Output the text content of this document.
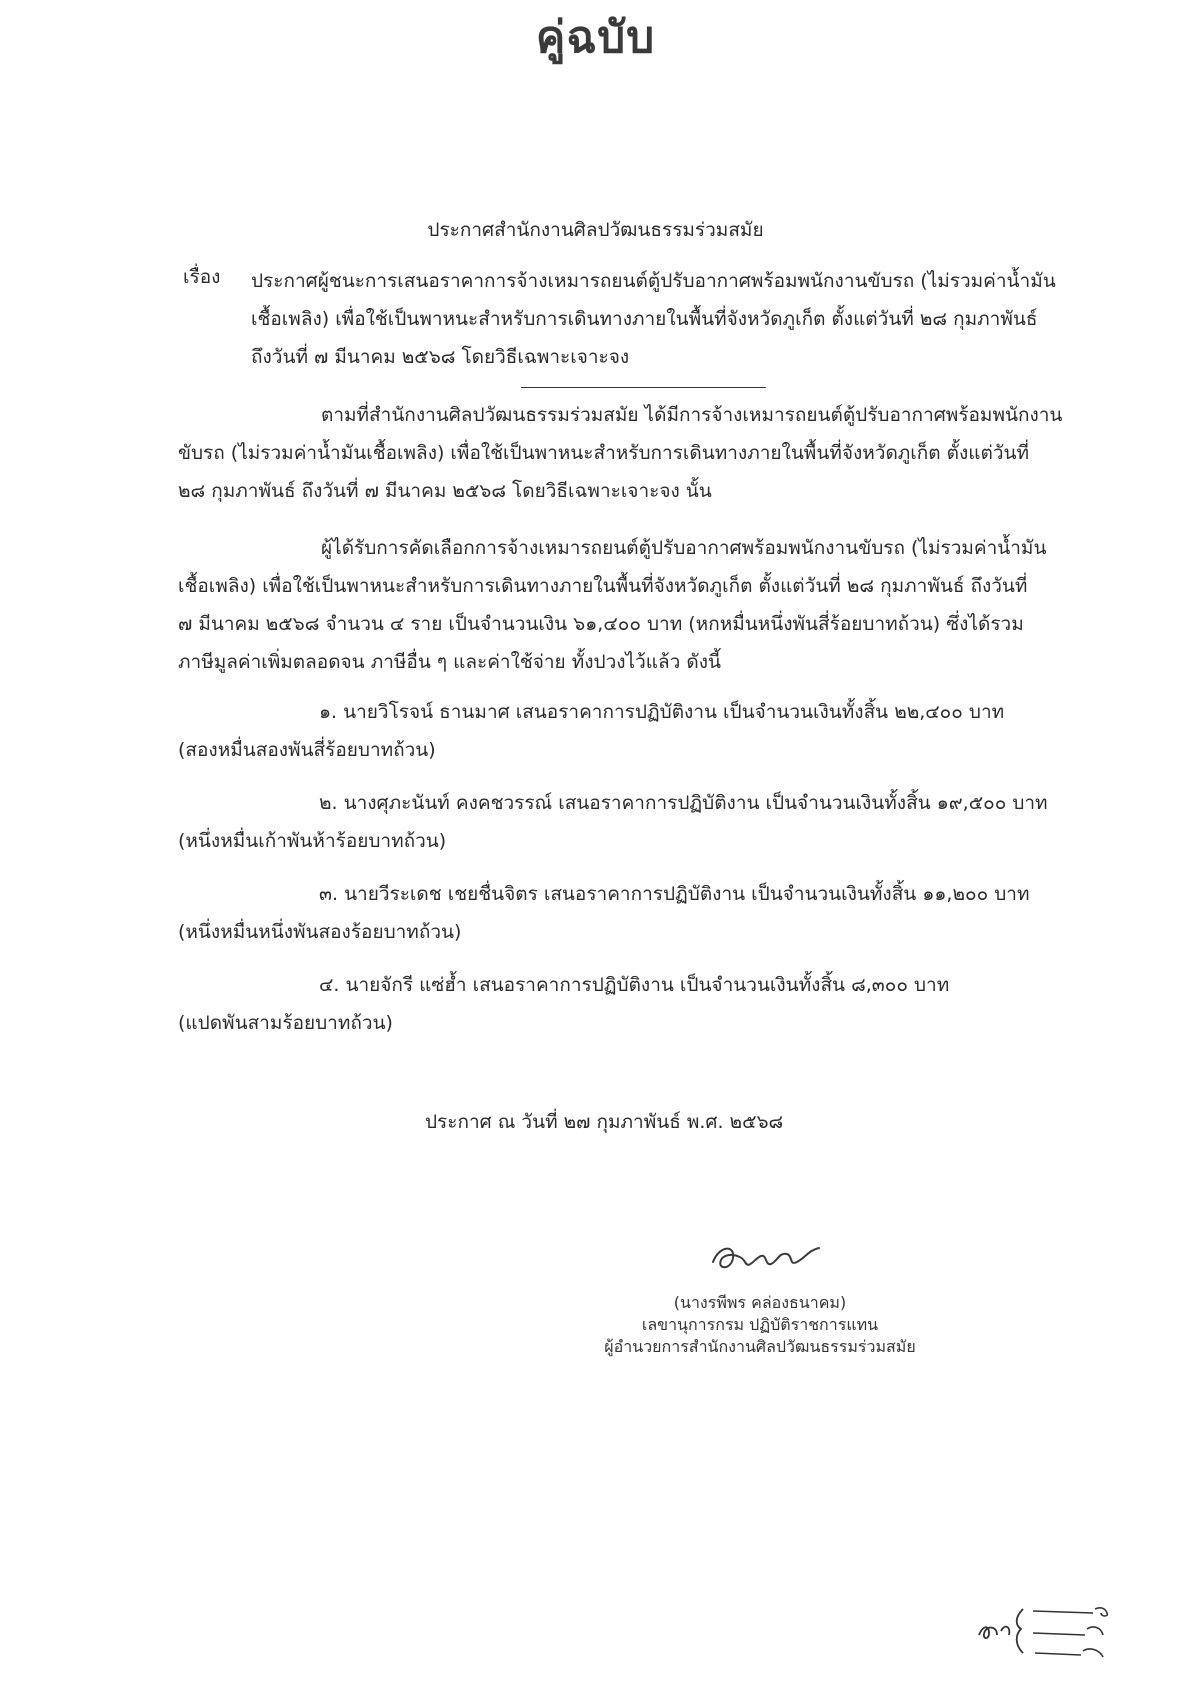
คู่ฉบับ
ประกาศสำนักงานศิลปวัฒนธรรมร่วมสมัย
เรื่อง ประกาศผู้ชนะการเสนอราคาการจ้างเหมารถยนต์ตู้ปรับอากาศพร้อมพนักงานขับรถ (ไม่รวมค่าน้ำมัน
เชื้อเพลิง) เพื่อใช้เป็นพาหนะสำหรับการเดินทางภายในพื้นที่จังหวัดภูเก็ต ตั้งแต่วันที่ ๒๘ กุมภาพันธ์
ถึงวันที่ ๗ มีนาคม ๒๕๖๘ โดยวิธีเฉพาะเจาะจง
ตามที่สำนักงานศิลปวัฒนธรรมร่วมสมัย ได้มีการจ้างเหมารถยนต์ตู้ปรับอากาศพร้อมพนักงาน
ขับรถ (ไม่รวมค่าน้ำมันเชื้อเพลิง) เพื่อใช้เป็นพาหนะสำหรับการเดินทางภายในพื้นที่จังหวัดภูเก็ต ตั้งแต่วันที่
๒๘ กุมภาพันธ์ ถึงวันที่ ๗ มีนาคม ๒๕๖๘ โดยวิธีเฉพาะเจาะจง นั้น
ผู้ได้รับการคัดเลือกการจ้างเหมารถยนต์ตู้ปรับอากาศพร้อมพนักงานขับรถ (ไม่รวมค่าน้ำมัน
เชื้อเพลิง) เพื่อใช้เป็นพาหนะสำหรับการเดินทางภายในพื้นที่จังหวัดภูเก็ต ตั้งแต่วันที่ ๒๘ กุมภาพันธ์ ถึงวันที่
๗ มีนาคม ๒๕๖๘ จำนวน ๔ ราย เป็นจำนวนเงิน ๖๑,๔๐๐ บาท (หกหมื่นหนึ่งพันสี่ร้อยบาทถ้วน) ซึ่งได้รวม
ภาษีมูลค่าเพิ่มตลอดจน ภาษีอื่น ๆ และค่าใช้จ่าย ทั้งปวงไว้แล้ว ดังนี้
๑. นายวิโรจน์ ธานมาศ เสนอราคาการปฏิบัติงาน เป็นจำนวนเงินทั้งสิ้น ๒๒,๔๐๐ บาท
(สองหมื่นสองพันสี่ร้อยบาทถ้วน)
๒. นางศุภะนันท์ คงคชวรรณ์ เสนอราคาการปฏิบัติงาน เป็นจำนวนเงินทั้งสิ้น ๑๙,๕๐๐ บาท
(หนึ่งหมื่นเก้าพันห้าร้อยบาทถ้วน)
๓. นายวีระเดช เชยชื่นจิตร เสนอราคาการปฏิบัติงาน เป็นจำนวนเงินทั้งสิ้น ๑๑,๒๐๐ บาท
(หนึ่งหมื่นหนึ่งพันสองร้อยบาทถ้วน)
๔. นายจักรี แซ่ฮ้ำ เสนอราคาการปฏิบัติงาน เป็นจำนวนเงินทั้งสิ้น ๘,๓๐๐ บาท
(แปดพันสามร้อยบาทถ้วน)
ประกาศ ณ วันที่ ๒๗ กุมภาพันธ์ พ.ศ. ๒๕๖๘
(นางรพีพร คล่องธนาคม)
เลขานุการกรม ปฏิบัติราชการแทน
ผู้อำนวยการสำนักงานศิลปวัฒนธรรมร่วมสมัย
